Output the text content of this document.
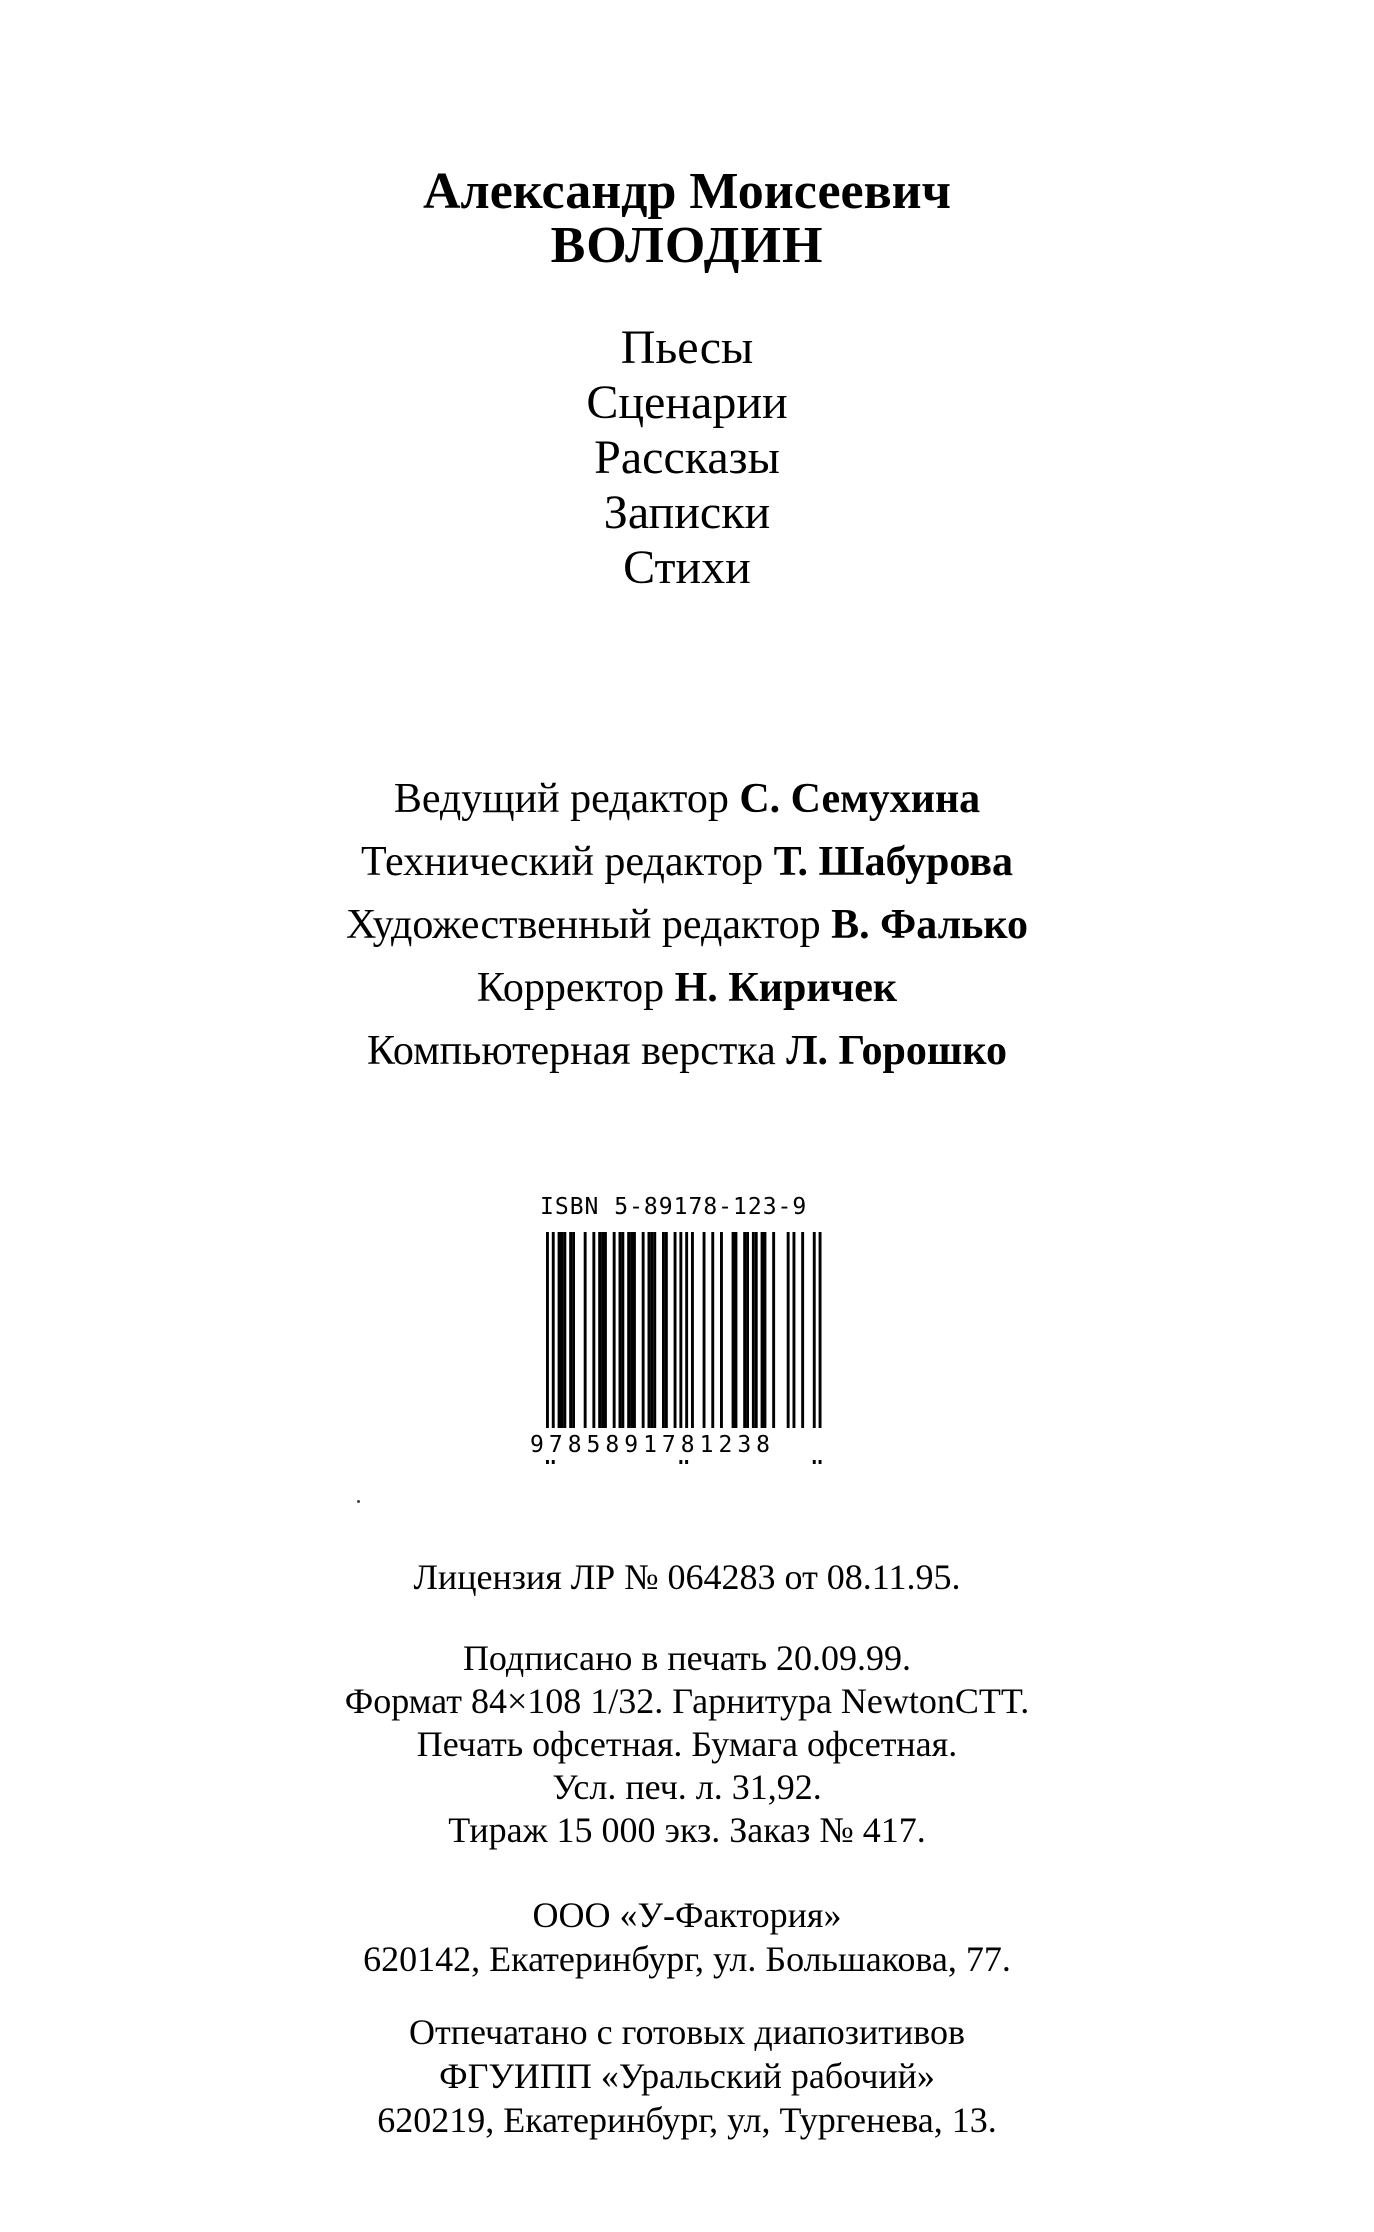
Александр Моисеевич
ВОЛОДИН
Пьесы
Сценарии
Рассказы
Записки
Стихи
Ведущий редактор С. Семухина
Технический редактор Т. Шабурова
Художественный редактор В. Фалько
Корректор Н. Киричек
Компьютерная верстка Л. Горошко
ISBN 5-89178-123-9
9785891781238
Лицензия ЛР № 064283 от 08.11.95.
Подписано в печать 20.09.99.
Формат 84×108 1/32. Гарнитура NewtonCTT.
Печать офсетная. Бумага офсетная.
Усл. печ. л. 31,92.
Тираж 15 000 экз. Заказ № 417.
ООО «У-Фактория»
620142, Екатеринбург, ул. Большакова, 77.
Отпечатано с готовых диапозитивов
ФГУИПП «Уральский рабочий»
620219, Екатеринбург, ул, Тургенева, 13.
